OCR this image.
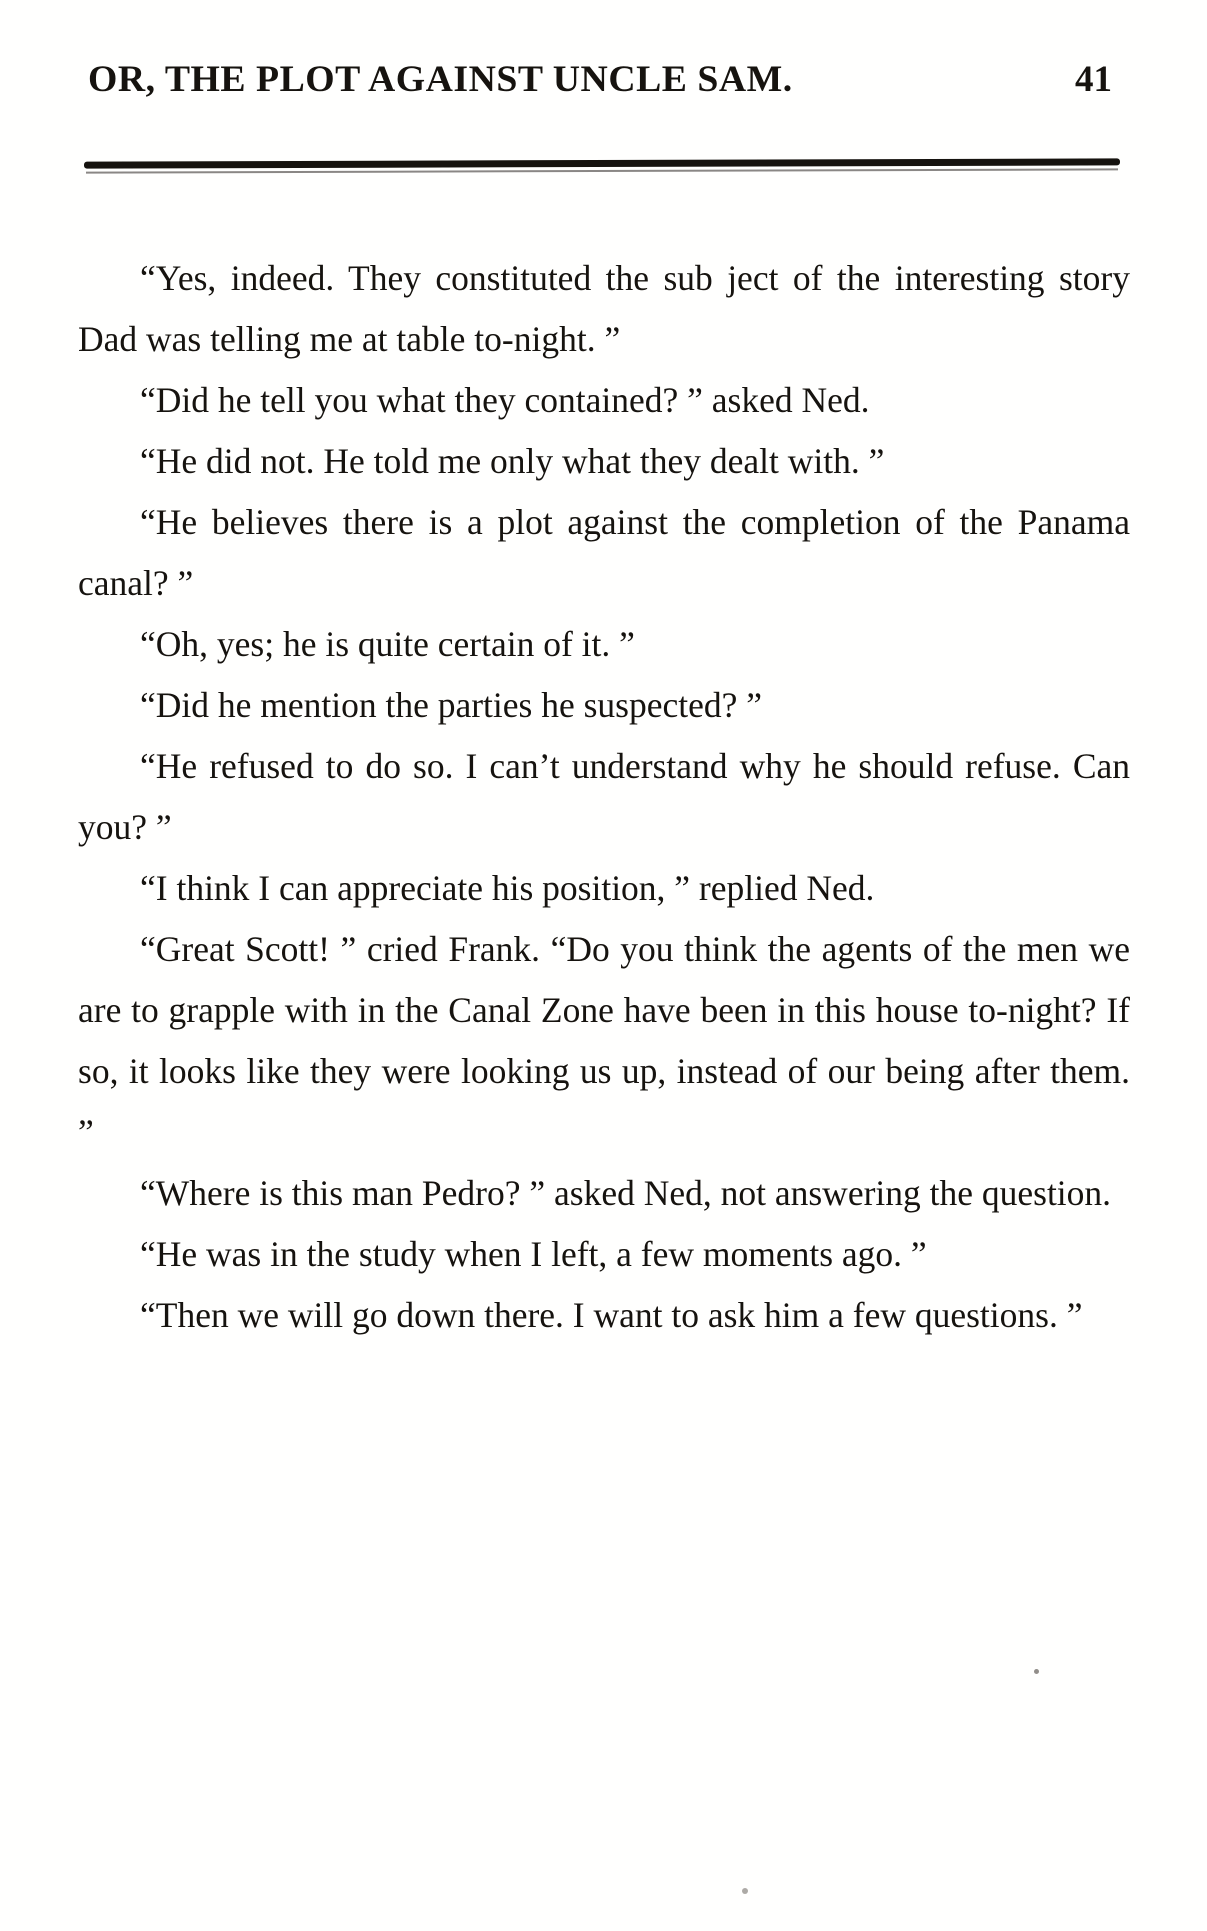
OR, THE PLOT AGAINST UNCLE SAM.	41

“Yes, indeed. They constituted the sub ject of the interesting story Dad was telling me at table to-night. ”

“Did he tell you what they contained? ” asked Ned.

“He did not. He told me only what they dealt with. ”

“He believes there is a plot against the completion of the Panama canal? ”

“Oh, yes; he is quite certain of it. ”

“Did he mention the parties he suspected? ”

“He refused to do so. I can’t understand why he should refuse. Can you? ”

“I think I can appreciate his position, ” replied Ned.

“Great Scott! ” cried Frank. “Do you think the agents of the men we are to grapple with in the Canal Zone have been in this house to-night? If so, it looks like they were looking us up, instead of our being after them. ”

“Where is this man Pedro? ” asked Ned, not answering the question.

“He was in the study when I left, a few moments ago. ”

“Then we will go down there. I want to ask him a few questions. ”
